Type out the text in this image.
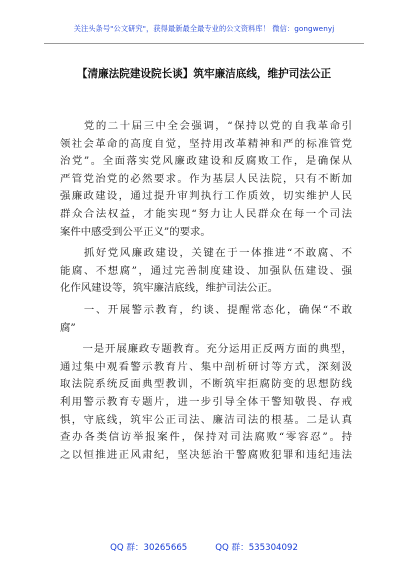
关注头条号"公文研究"，获得最新最全最专业的公文资料库！ 微信：gongwenyj
【清廉法院建设院长谈】筑牢廉洁底线，维护司法公正
　　党的二十届三中全会强调，“保持以党的自我革命引
领社会革命的高度自觉，坚持用改革精神和严的标准管党
治党”。全面落实党风廉政建设和反腐败工作，是确保从
严管党治党的必然要求。作为基层人民法院，只有不断加
强廉政建设，通过提升审判执行工作质效，切实维护人民
群众合法权益，才能实现“努力让人民群众在每一个司法
案件中感受到公平正义”的要求。
　　抓好党风廉政建设，关键在于一体推进“不敢腐、不
能腐、不想腐”，通过完善制度建设、加强队伍建设、强
化作风建设等，筑牢廉洁底线，维护司法公正。
　　一、开展警示教育，约谈、提醒常态化，确保“不敢
腐”
　　一是开展廉政专题教育。充分运用正反两方面的典型，
通过集中观看警示教育片、集中剖析研讨等方式，深刻汲
取法院系统反面典型教训，不断筑牢拒腐防变的思想防线
利用警示教育专题片，进一步引导全体干警知敬畏、存戒
惧，守底线，筑牢公正司法、廉洁司法的根基。二是认真
查办各类信访举报案件，保持对司法腐败“零容忍”。持
之以恒推进正风肃纪，坚决惩治干警腐败犯罪和违纪违法
QQ 群：30265665	QQ 群：535304092
